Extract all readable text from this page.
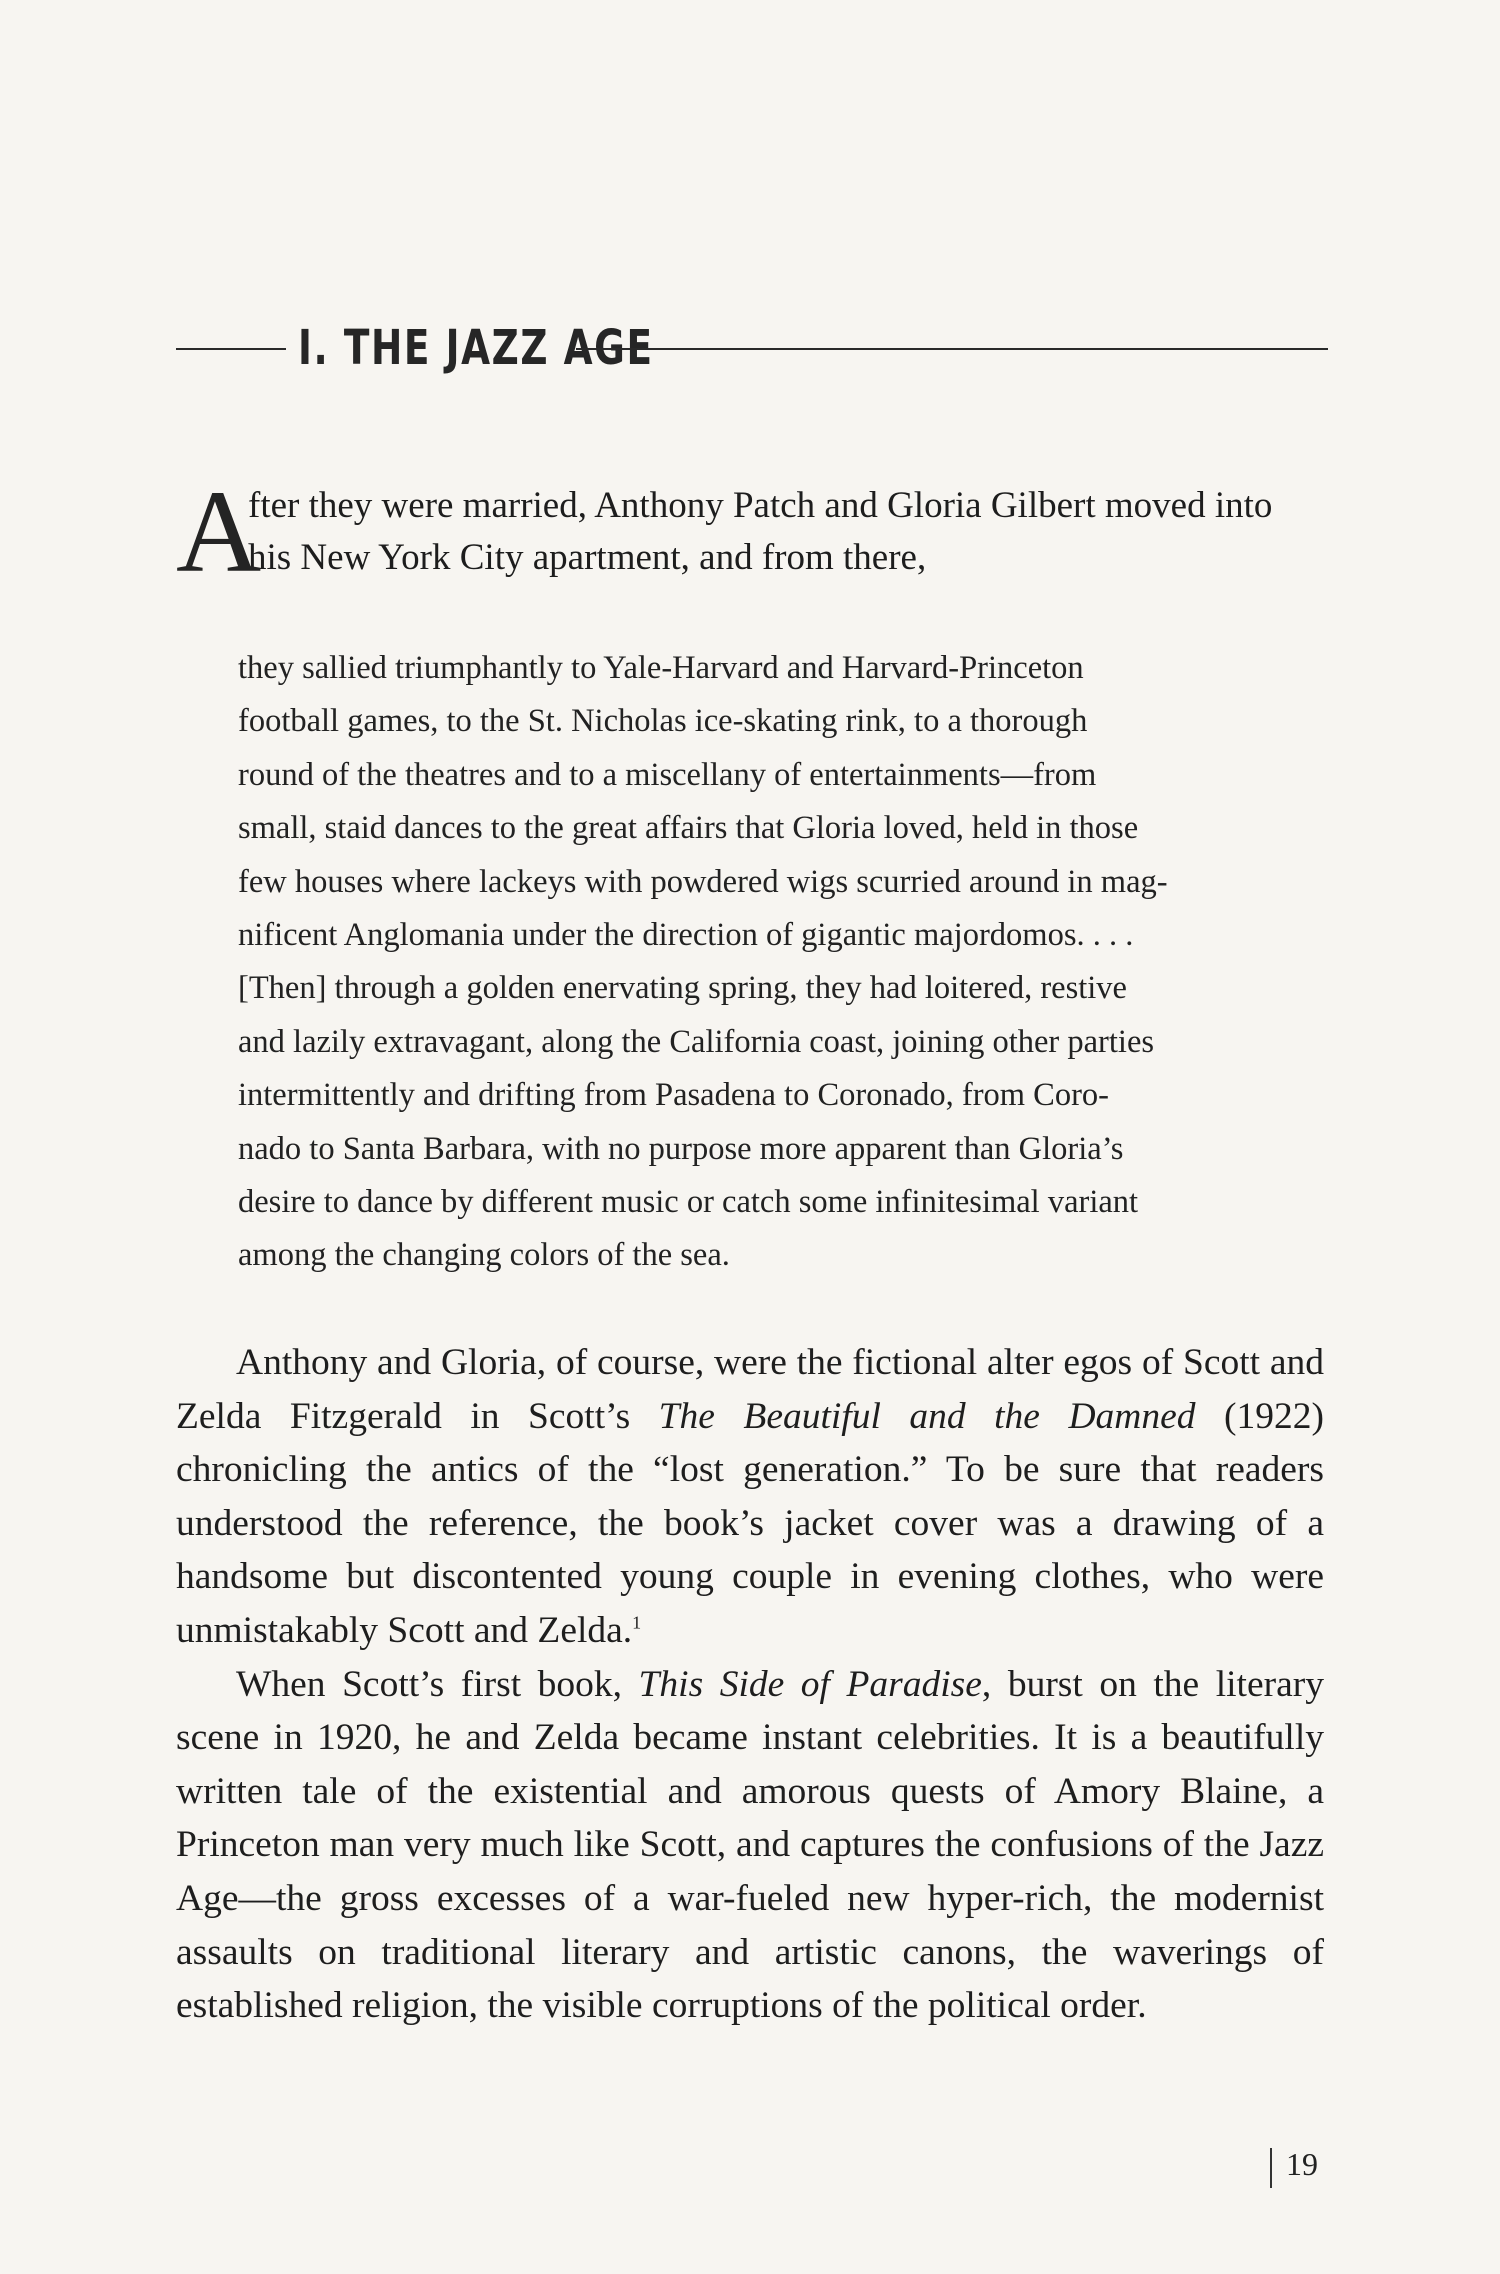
I. THE JAZZ AGE
A
fter they were married, Anthony Patch and Gloria Gilbert moved into his New York City apartment, and from there,

they sallied triumphantly to Yale-Harvard and Harvard-Princeton

football games, to the St. Nicholas ice-skating rink, to a thorough

round of the theatres and to a miscellany of entertainments—from

small, staid dances to the great affairs that Gloria loved, held in those

few houses where lackeys with powdered wigs scurried around in mag-

nificent Anglomania under the direction of gigantic majordomos. . . .

[Then] through a golden enervating spring, they had loitered, restive

and lazily extravagant, along the California coast, joining other parties

intermittently and drifting from Pasadena to Coronado, from Coro-

nado to Santa Barbara, with no purpose more apparent than Gloria’s

desire to dance by different music or catch some infinitesimal variant

among the changing colors of the sea.

Anthony and Gloria, of course, were the fictional alter egos of Scott and Zelda Fitzgerald in Scott’s The Beautiful and the Damned (1922) chronicling the antics of the “lost generation.” To be sure that readers understood the reference, the book’s jacket cover was a drawing of a handsome but discontented young couple in evening clothes, who were unmistakably Scott and Zelda.$^1$

When Scott’s first book, This Side of Paradise, burst on the literary scene in 1920, he and Zelda became instant celebrities. It is a beautifully written tale of the existential and amorous quests of Amory Blaine, a Princeton man very much like Scott, and captures the confusions of the Jazz Age—the gross excesses of a war-fueled new hyper-rich, the modernist assaults on traditional literary and artistic canons, the waverings of established religion, the visible corruptions of the political order.

19
